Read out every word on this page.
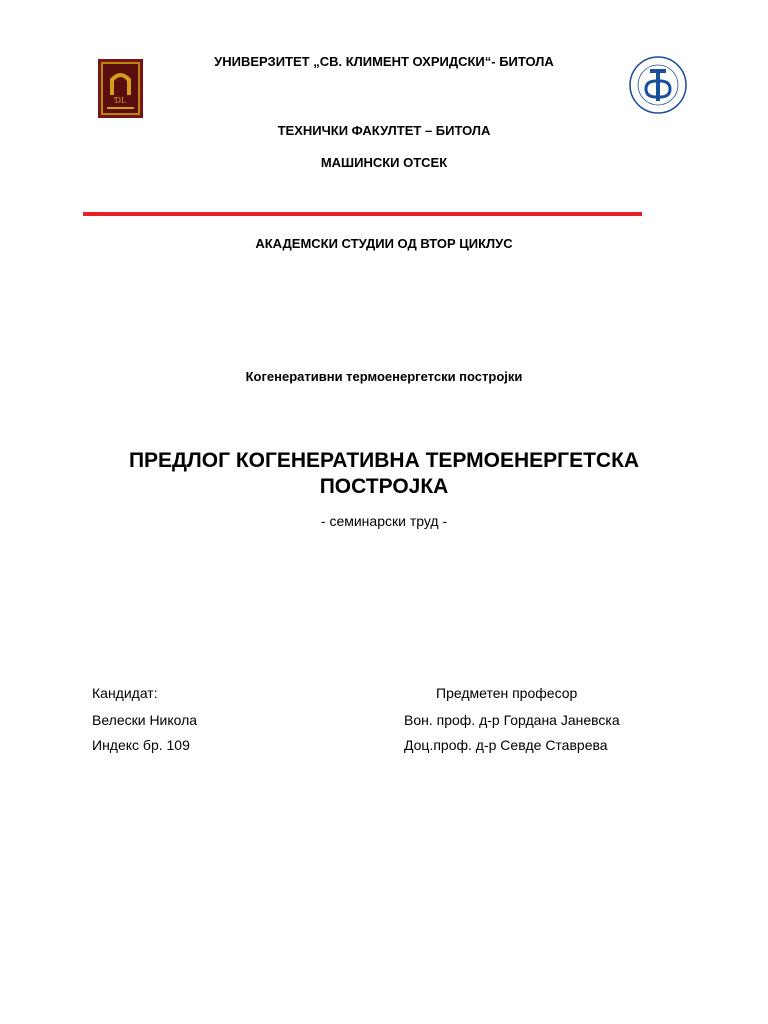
ƊL
УНИВЕРЗИТЕТ „СВ. КЛИМЕНТ ОХРИДСКИ“- БИТОЛА
ТЕХНИЧКИ ФАКУЛТЕТ – БИТОЛА
МАШИНСКИ ОТСЕК
АКАДЕМСКИ СТУДИИ ОД ВТОР ЦИКЛУС
Когенеративни термоенергетски постројки
ПРЕДЛОГ КОГЕНЕРАТИВНА ТЕРМОЕНЕРГЕТСКА
ПОСТРОЈКА
- семинарски труд -
Кандидат:
Велески Никола
Индекс бр. 109
Предметен професор
Вон. проф. д-р Гордана Јаневска
Доц.проф. д-р Севде Ставрева
